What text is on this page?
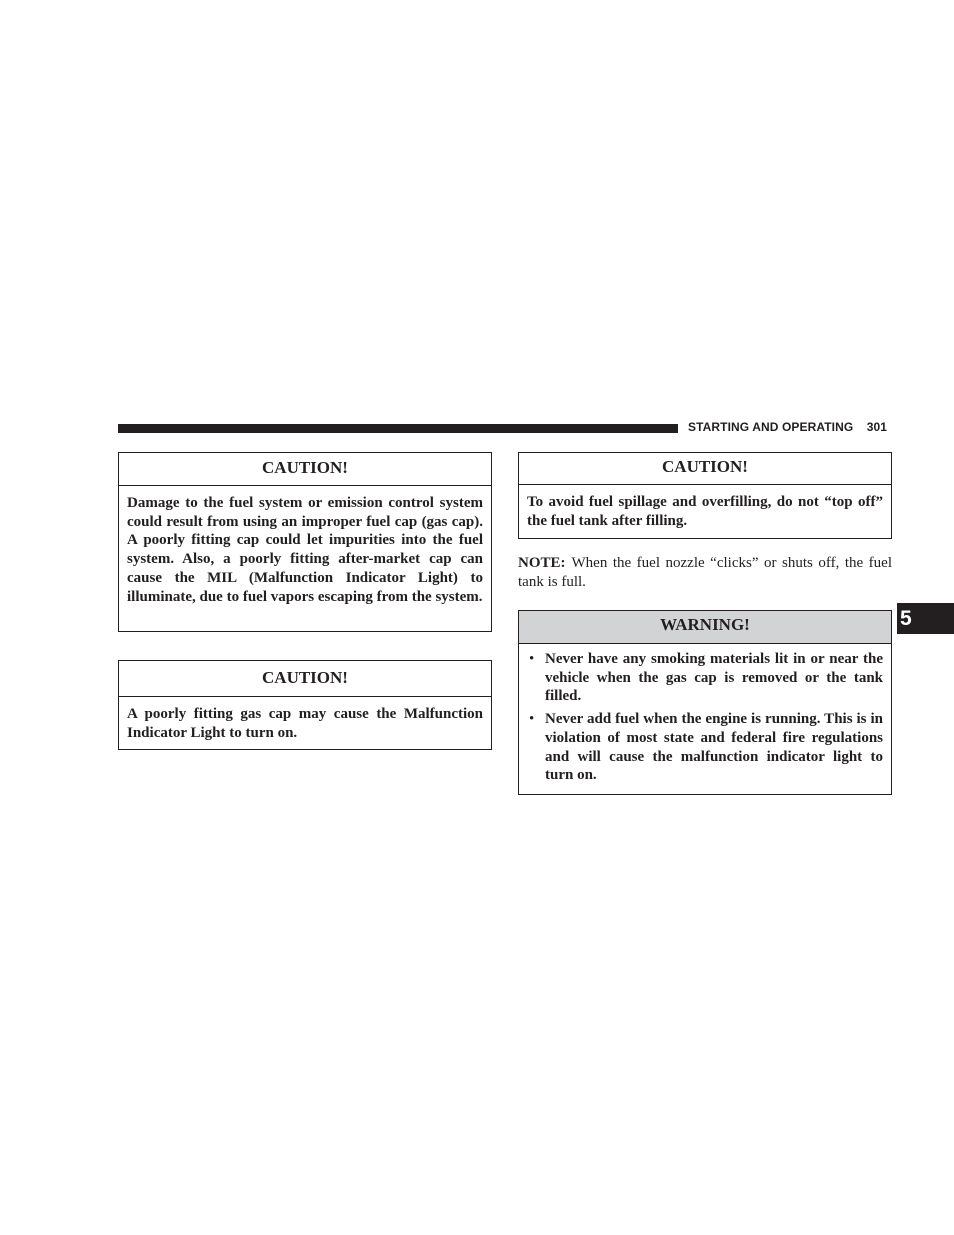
STARTING AND OPERATING 301
5
CAUTION!
Damage to the fuel system or emission control system could result from using an improper fuel cap (gas cap). A poorly fitting cap could let impurities into the fuel system. Also, a poorly fitting after-market cap can cause the MIL (Malfunction Indicator Light) to illuminate, due to fuel vapors escaping from the system.
CAUTION!
A poorly fitting gas cap may cause the Malfunction Indicator Light to turn on.
CAUTION!
To avoid fuel spillage and overfilling, do not “top off” the fuel tank after filling.
NOTE: When the fuel nozzle “clicks” or shuts off, the fuel tank is full.
WARNING!
• Never have any smoking materials lit in or near the vehicle when the gas cap is removed or the tank filled.
• Never add fuel when the engine is running. This is in violation of most state and federal fire regulations and will cause the malfunction indicator light to turn on.
